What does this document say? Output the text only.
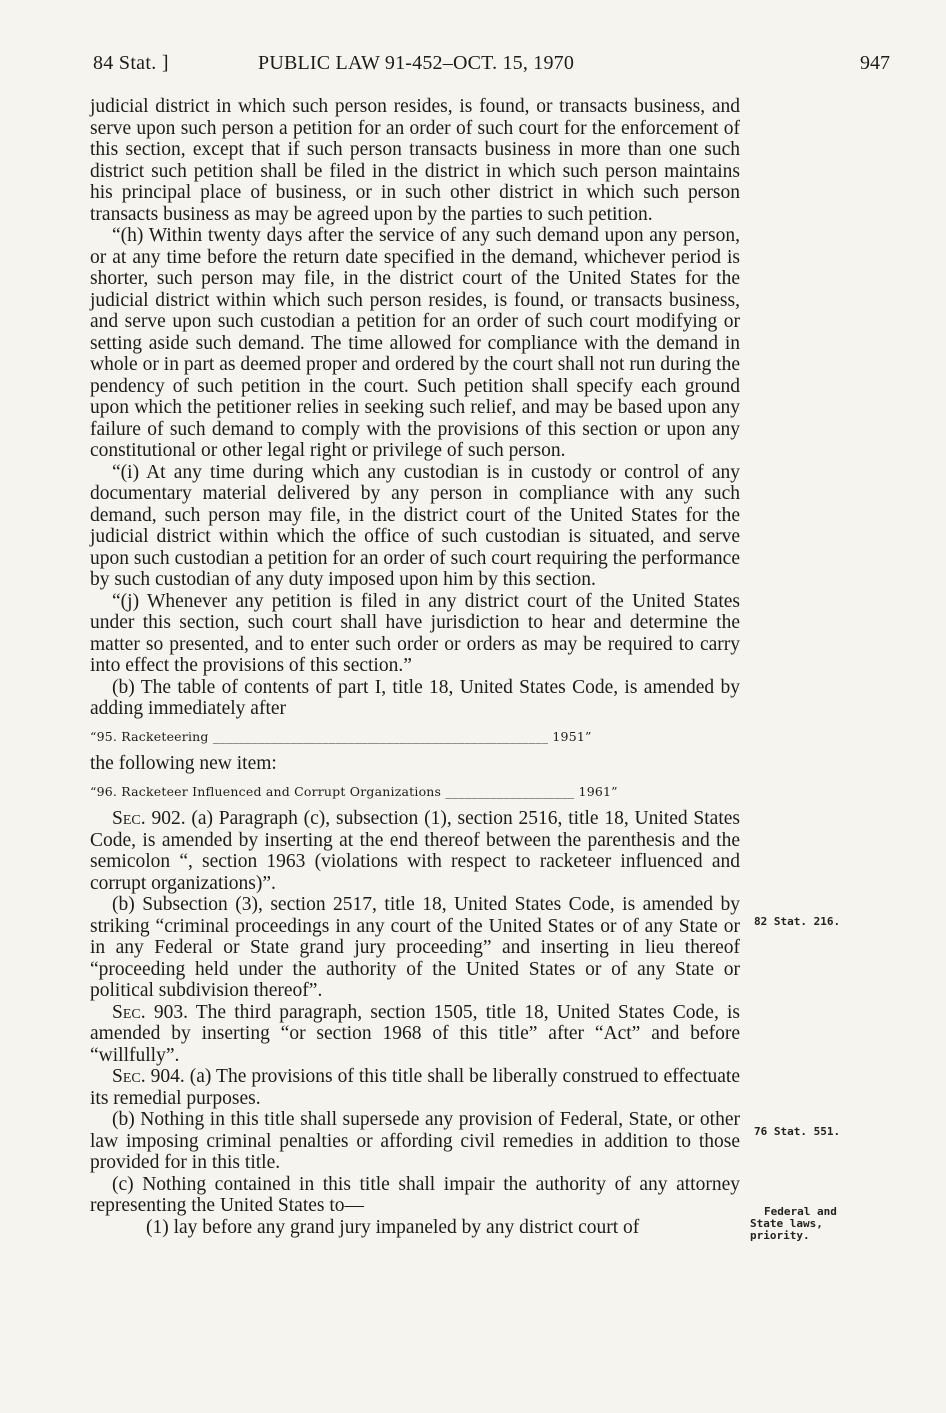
84 Stat. ]	PUBLIC LAW 91-452–OCT. 15, 1970	947

judicial district in which such person resides, is found, or transacts business, and serve upon such person a petition for an order of such court for the enforcement of this section, except that if such person transacts business in more than one such district such petition shall be filed in the district in which such person maintains his principal place of business, or in such other district in which such person transacts business as may be agreed upon by the parties to such petition.

“(h) Within twenty days after the service of any such demand upon any person, or at any time before the return date specified in the demand, whichever period is shorter, such person may file, in the district court of the United States for the judicial district within which such person resides, is found, or transacts business, and serve upon such custodian a petition for an order of such court modifying or setting aside such demand. The time allowed for compliance with the demand in whole or in part as deemed proper and ordered by the court shall not run during the pendency of such petition in the court. Such petition shall specify each ground upon which the petitioner relies in seeking such relief, and may be based upon any failure of such demand to comply with the provisions of this section or upon any constitutional or other legal right or privilege of such person.

“(i) At any time during which any custodian is in custody or control of any documentary material delivered by any person in compliance with any such demand, such person may file, in the district court of the United States for the judicial district within which the office of such custodian is situated, and serve upon such custodian a petition for an order of such court requiring the performance by such custodian of any duty imposed upon him by this section.

“(j) Whenever any petition is filed in any district court of the United States under this section, such court shall have jurisdiction to hear and determine the matter so presented, and to enter such order or orders as may be required to carry into effect the provisions of this section.”

(b) The table of contents of part I, title 18, United States Code, is amended by adding immediately after

“95. Racketeering ____________________________________________________ 1951”

the following new item:

“96. Racketeer Influenced and Corrupt Organizations ____________________ 1961”

Sec. 902. (a) Paragraph (c), subsection (1), section 2516, title 18, United States Code, is amended by inserting at the end thereof between the parenthesis and the semicolon “, section 1963 (violations with respect to racketeer influenced and corrupt organizations)”.

(b) Subsection (3), section 2517, title 18, United States Code, is amended by striking “criminal proceedings in any court of the United States or of any State or in any Federal or State grand jury proceeding” and inserting in lieu thereof “proceeding held under the authority of the United States or of any State or political subdivision thereof”.

Sec. 903. The third paragraph, section 1505, title 18, United States Code, is amended by inserting “or section 1968 of this title” after “Act” and before “willfully”.

Sec. 904. (a) The provisions of this title shall be liberally construed to effectuate its remedial purposes.

(b) Nothing in this title shall supersede any provision of Federal, State, or other law imposing criminal penalties or affording civil remedies in addition to those provided for in this title.

(c) Nothing contained in this title shall impair the authority of any attorney representing the United States to—

(1) lay before any grand jury impaneled by any district court of

82 Stat. 216.
76 Stat. 551.
Federal and
State laws,
priority.
